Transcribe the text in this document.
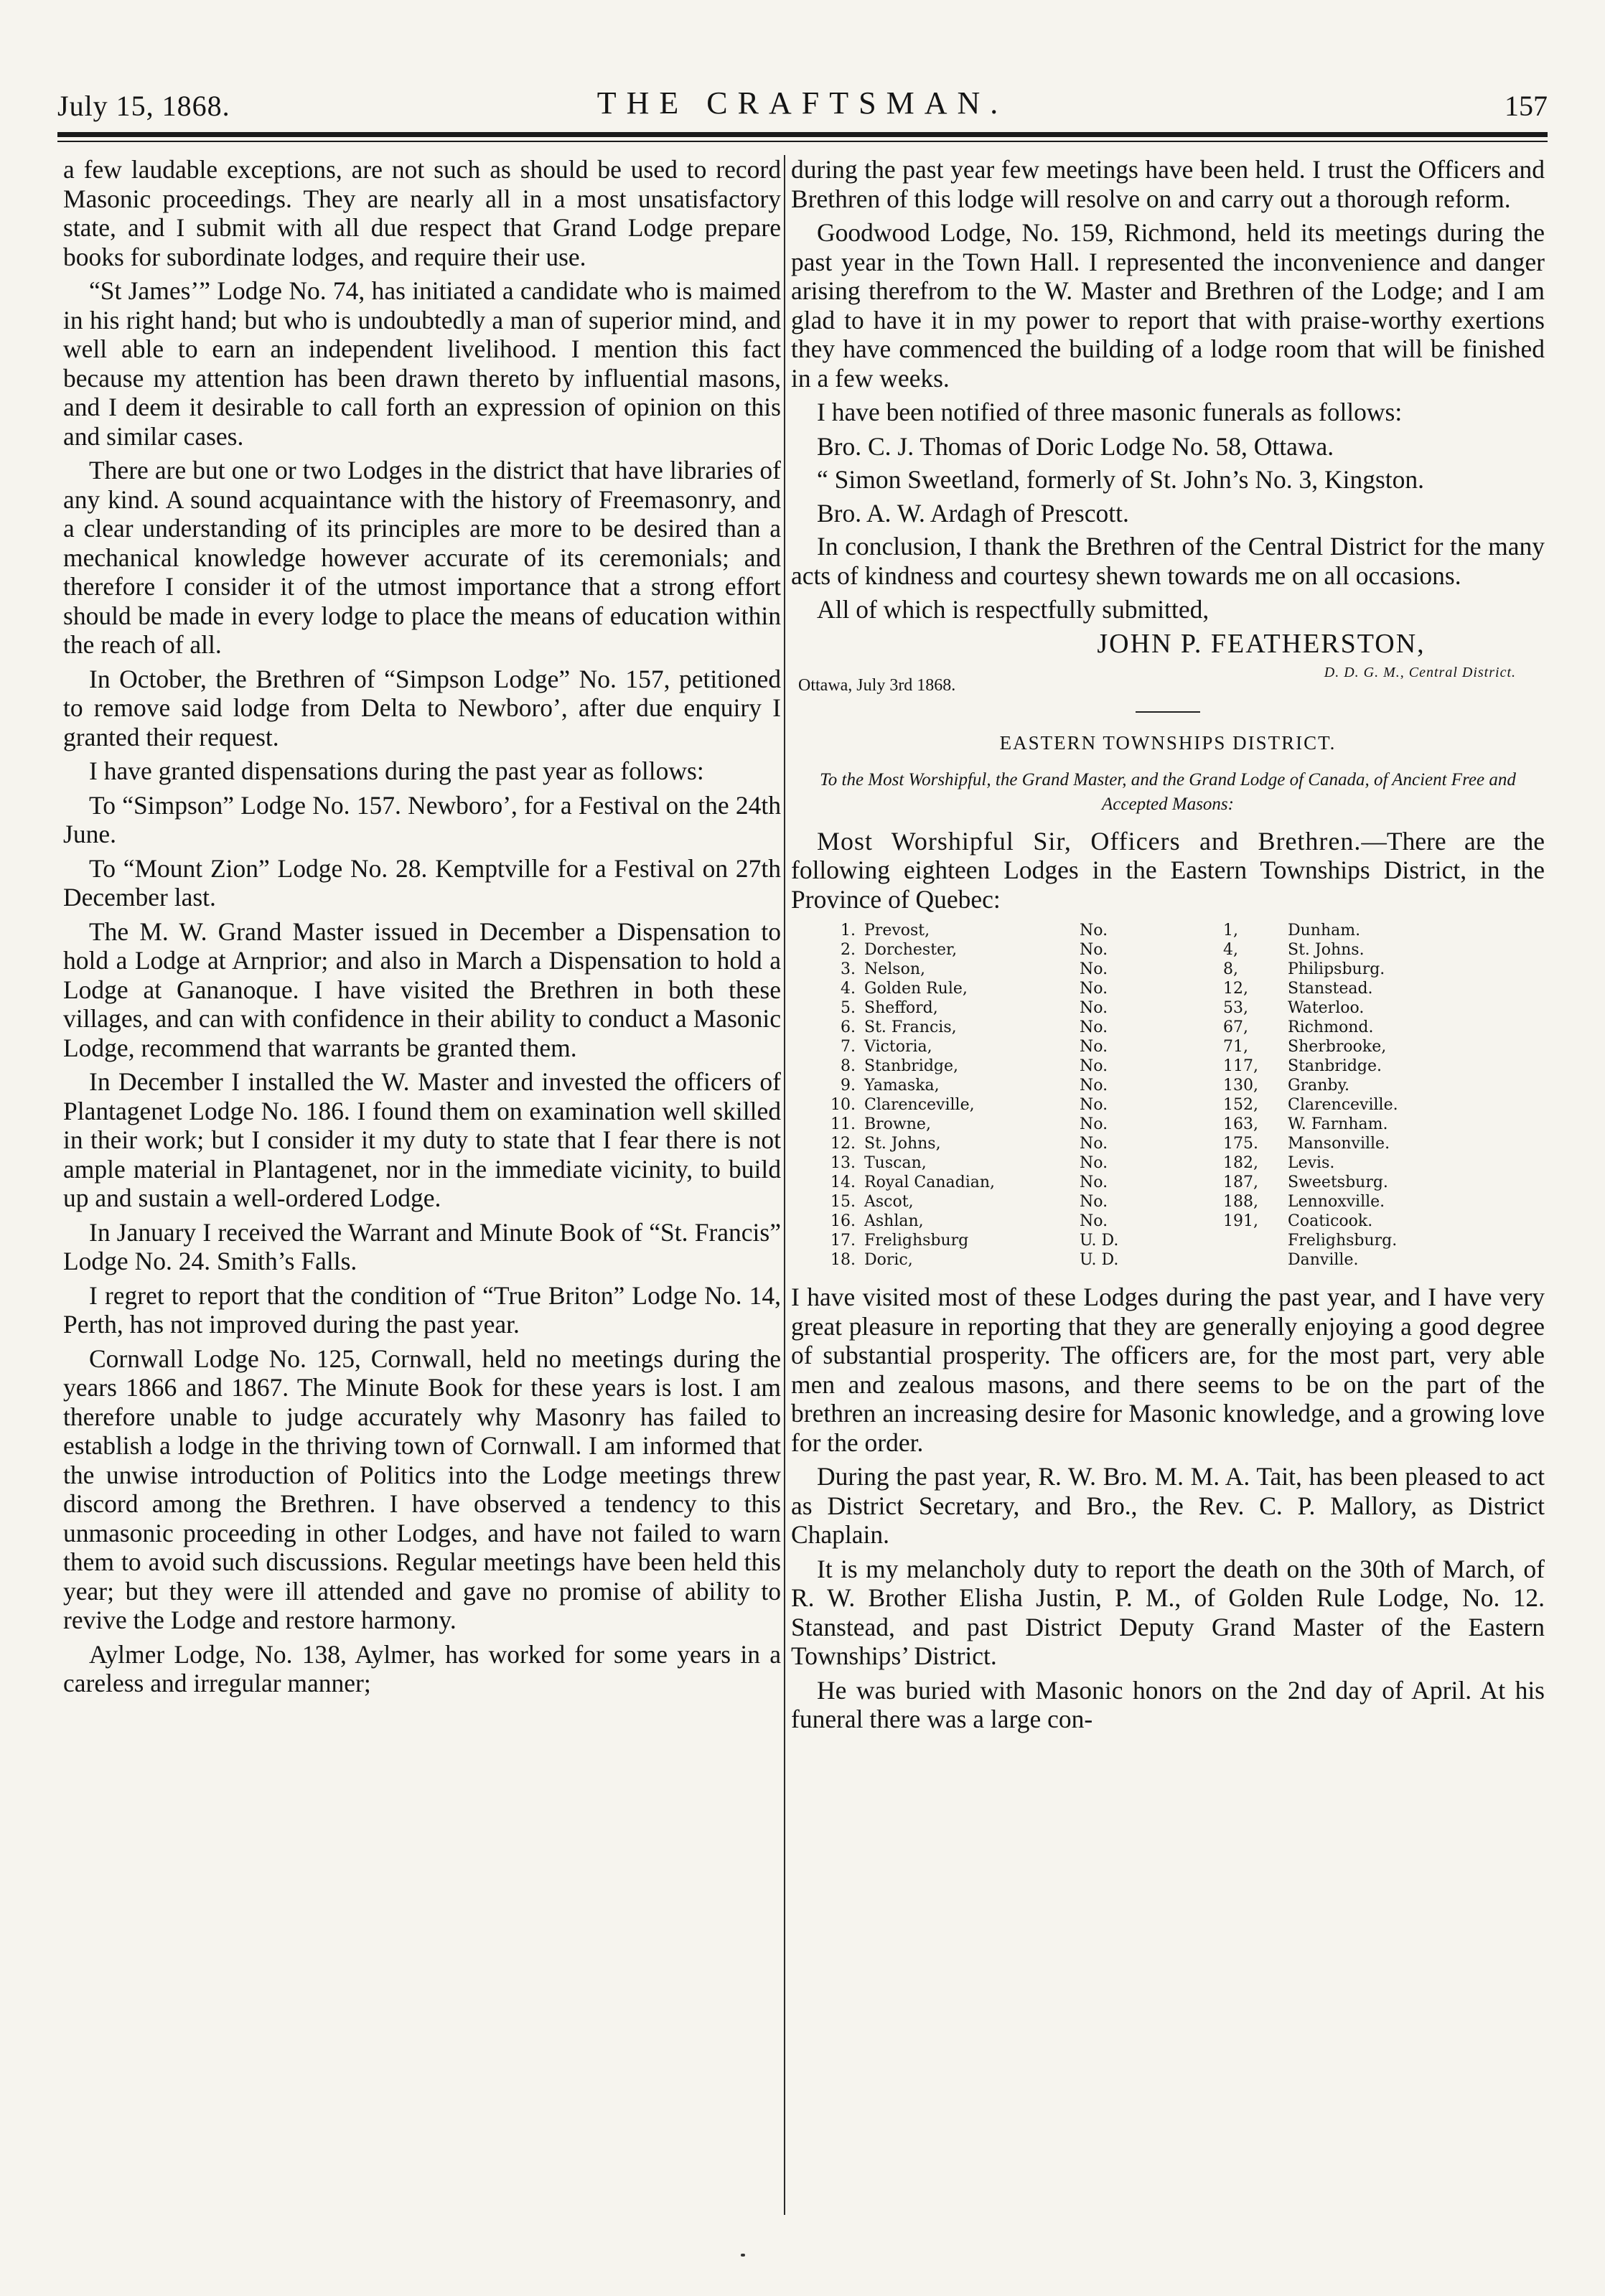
July 15, 1868.	THE CRAFTSMAN.	157

a few laudable exceptions, are not such as should be used to record Masonic proceedings. They are nearly all in a most unsatisfactory state, and I submit with all due respect that Grand Lodge prepare books for subordinate lodges, and require their use.

“St James’” Lodge No. 74, has initiated a candidate who is maimed in his right hand; but who is undoubtedly a man of superior mind, and well able to earn an independent livelihood. I mention this fact because my attention has been drawn thereto by influential masons, and I deem it desirable to call forth an expression of opinion on this and similar cases.

There are but one or two Lodges in the district that have libraries of any kind. A sound acquaintance with the history of Freemasonry, and a clear understanding of its principles are more to be desired than a mechanical knowledge however accurate of its ceremonials; and therefore I consider it of the utmost importance that a strong effort should be made in every lodge to place the means of education within the reach of all.

In October, the Brethren of “Simpson Lodge” No. 157, petitioned to remove said lodge from Delta to Newboro’, after due enquiry I granted their request.

I have granted dispensations during the past year as follows:

To “Simpson” Lodge No. 157. Newboro’, for a Festival on the 24th June.

To “Mount Zion” Lodge No. 28. Kemptville for a Festival on 27th December last.

The M. W. Grand Master issued in December a Dispensation to hold a Lodge at Arnprior; and also in March a Dispensation to hold a Lodge at Gananoque. I have visited the Brethren in both these villages, and can with confidence in their ability to conduct a Masonic Lodge, recommend that warrants be granted them.

In December I installed the W. Master and invested the officers of Plantagenet Lodge No. 186. I found them on examination well skilled in their work; but I consider it my duty to state that I fear there is not ample material in Plantagenet, nor in the immediate vicinity, to build up and sustain a well-ordered Lodge.

In January I received the Warrant and Minute Book of “St. Francis” Lodge No. 24. Smith’s Falls.

I regret to report that the condition of “True Briton” Lodge No. 14, Perth, has not improved during the past year.

Cornwall Lodge No. 125, Cornwall, held no meetings during the years 1866 and 1867. The Minute Book for these years is lost. I am therefore unable to judge accurately why Masonry has failed to establish a lodge in the thriving town of Cornwall. I am informed that the unwise introduction of Politics into the Lodge meetings threw discord among the Brethren. I have observed a tendency to this unmasonic proceeding in other Lodges, and have not failed to warn them to avoid such discussions. Regular meetings have been held this year; but they were ill attended and gave no promise of ability to revive the Lodge and restore harmony.

Aylmer Lodge, No. 138, Aylmer, has worked for some years in a careless and irregular manner;

during the past year few meetings have been held. I trust the Officers and Brethren of this lodge will resolve on and carry out a thorough reform.

Goodwood Lodge, No. 159, Richmond, held its meetings during the past year in the Town Hall. I represented the inconvenience and danger arising therefrom to the W. Master and Brethren of the Lodge; and I am glad to have it in my power to report that with praise-worthy exertions they have commenced the building of a lodge room that will be finished in a few weeks.

I have been notified of three masonic funerals as follows:

Bro. C. J. Thomas of Doric Lodge No. 58, Ottawa.
“ Simon Sweetland, formerly of St. John’s No. 3, Kingston.
Bro. A. W. Ardagh of Prescott.

In conclusion, I thank the Brethren of the Central District for the many acts of kindness and courtesy shewn towards me on all occasions.

All of which is respectfully submitted,

JOHN P. FEATHERSTON,
Ottawa, July 3rd 1868.
D. D. G. M., Central District.
EASTERN TOWNSHIPS DISTRICT.
To the Most Worshipful, the Grand Master, and the Grand Lodge of Canada, of Ancient Free and Accepted Masons:

Most Worshipful Sir, Officers and Brethren.—There are the following eighteen Lodges in the Eastern Townships District, in the Province of Quebec:

1.	Prevost,	No.	1,	Dunham.
2.	Dorchester,	No.	4,	St. Johns.
3.	Nelson,	No.	8,	Philipsburg.
4.	Golden Rule,	No.	12,	Stanstead.
5.	Shefford,	No.	53,	Waterloo.
6.	St. Francis,	No.	67,	Richmond.
7.	Victoria,	No.	71,	Sherbrooke,
8.	Stanbridge,	No.	117,	Stanbridge.
9.	Yamaska,	No.	130,	Granby.
10.	Clarenceville,	No.	152,	Clarenceville.
11.	Browne,	No.	163,	W. Farnham.
12.	St. Johns,	No.	175.	Mansonville.
13.	Tuscan,	No.	182,	Levis.
14.	Royal Canadian,	No.	187,	Sweetsburg.
15.	Ascot,	No.	188,	Lennoxville.
16.	Ashlan,	No.	191,	Coaticook.
17.	Frelighsburg	U. D.		Frelighsburg.
18.	Doric,	U. D.		Danville.

I have visited most of these Lodges during the past year, and I have very great pleasure in reporting that they are generally enjoying a good degree of substantial prosperity. The officers are, for the most part, very able men and zealous masons, and there seems to be on the part of the brethren an increasing desire for Masonic knowledge, and a growing love for the order.

During the past year, R. W. Bro. M. M. A. Tait, has been pleased to act as District Secretary, and Bro., the Rev. C. P. Mallory, as District Chaplain.

It is my melancholy duty to report the death on the 30th of March, of R. W. Brother Elisha Justin, P. M., of Golden Rule Lodge, No. 12. Stanstead, and past District Deputy Grand Master of the Eastern Townships’ District.

He was buried with Masonic honors on the 2nd day of April. At his funeral there was a large con-
